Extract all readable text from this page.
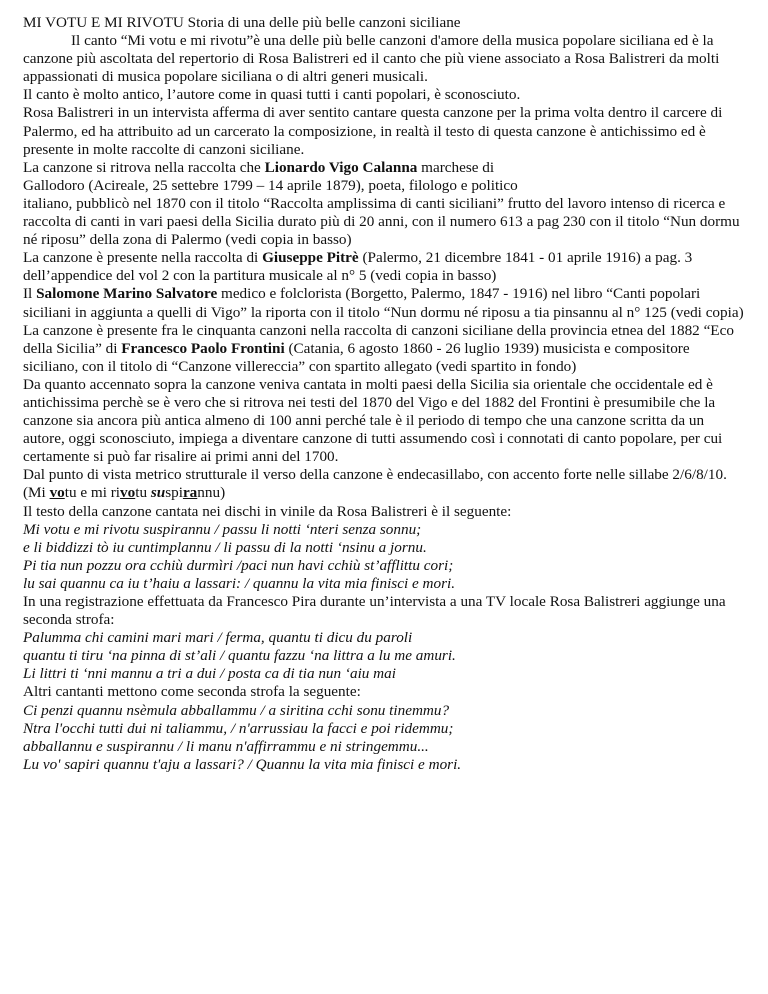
MI VOTU E MI RIVOTU Storia di una delle più belle canzoni siciliane

Il canto “Mi votu e mi rivotu”è una delle più belle canzoni d'amore della musica popolare siciliana ed è la canzone più ascoltata del repertorio di Rosa Balistreri ed il canto che più viene associato a Rosa Balistreri da molti appassionati di musica popolare siciliana o di altri generi musicali.

Il canto è molto antico, l’autore come in quasi tutti i canti popolari, è sconosciuto.

Rosa Balistreri in un intervista afferma di aver sentito cantare questa canzone per la prima volta dentro il carcere di Palermo, ed ha attribuito ad un carcerato la composizione, in realtà il testo di questa canzone è antichissimo ed è presente in molte raccolte di canzoni siciliane.

La canzone si ritrova nella raccolta che Lionardo Vigo Calanna marchese di
Gallodoro (Acireale, 25 settebre 1799 – 14 aprile 1879), poeta, filologo e politico
italiano, pubblicò nel 1870 con il titolo “Raccolta amplissima di canti siciliani” frutto del lavoro intenso di ricerca e raccolta di canti in vari paesi della Sicilia durato più di 20 anni, con il numero 613 a pag 230 con il titolo “Nun dormu né riposu” della zona di Palermo (vedi copia in basso)

La canzone è presente nella raccolta di Giuseppe Pitrè (Palermo, 21 dicembre 1841 - 01 aprile 1916) a pag. 3 dell’appendice del vol 2 con la partitura musicale al n° 5 (vedi copia in basso)

Il Salomone Marino Salvatore medico e folclorista (Borgetto, Palermo, 1847 - 1916) nel libro “Canti popolari siciliani in aggiunta a quelli di Vigo” la riporta con il titolo “Nun dormu né riposu a tia pinsannu al n° 125 (vedi copia)

La canzone è presente fra le cinquanta canzoni nella raccolta di canzoni siciliane della provincia etnea del 1882 “Eco della Sicilia” di Francesco Paolo Frontini (Catania, 6 agosto 1860 - 26 luglio 1939) musicista e compositore siciliano, con il titolo di “Canzone villereccia” con spartito allegato (vedi spartito in fondo)

Da quanto accennato sopra la canzone veniva cantata in molti paesi della Sicilia sia orientale che occidentale ed è antichissima perchè se è vero che si ritrova nei testi del 1870 del Vigo e del 1882 del Frontini è presumibile che la canzone sia ancora più antica almeno di 100 anni perché tale è il periodo di tempo che una canzone scritta da un autore, oggi sconosciuto, impiega a diventare canzone di tutti assumendo così i connotati di canto popolare, per cui certamente si può far risalire ai primi anni del 1700.

Dal punto di vista metrico strutturale il verso della canzone è endecasillabo, con accento forte nelle sillabe 2/6/8/10. (Mi votu e mi rivotu suspirannu)

Il testo della canzone cantata nei dischi in vinile da Rosa Balistreri è il seguente:

Mi votu e mi rivotu suspirannu / passu li notti ‘nteri senza sonnu;
e li biddizzi tò iu cuntimplannu / li passu di la notti ‘nsinu a jornu.
Pi tia nun pozzu ora cchiù durmìri /paci nun havi cchiù st’afflittu cori;
lu sai quannu ca iu t’haiu a lassari: / quannu la vita mia finisci e mori.

In una registrazione effettuata da Francesco Pira durante un’intervista a una TV locale Rosa Balistreri aggiunge una seconda strofa:

Palumma chi camini mari mari / ferma, quantu ti dicu du paroli
quantu ti tiru ‘na pinna di st’ali / quantu fazzu ‘na littra a lu me amuri.
Li littri ti ‘nni mannu a tri a dui / posta ca di tia nun ‘aiu mai

Altri cantanti mettono come seconda strofa la seguente:

Ci penzi quannu nsèmula abballammu / a siritina cchi sonu tinemmu?
Ntra l'occhi tutti dui ni taliammu, / n'arrussiau la facci e poi ridemmu;
abballannu e suspirannu / li manu n'affirrammu e ni stringemmu...
Lu vo' sapiri quannu t'aju a lassari? / Quannu la vita mia finisci e mori.
